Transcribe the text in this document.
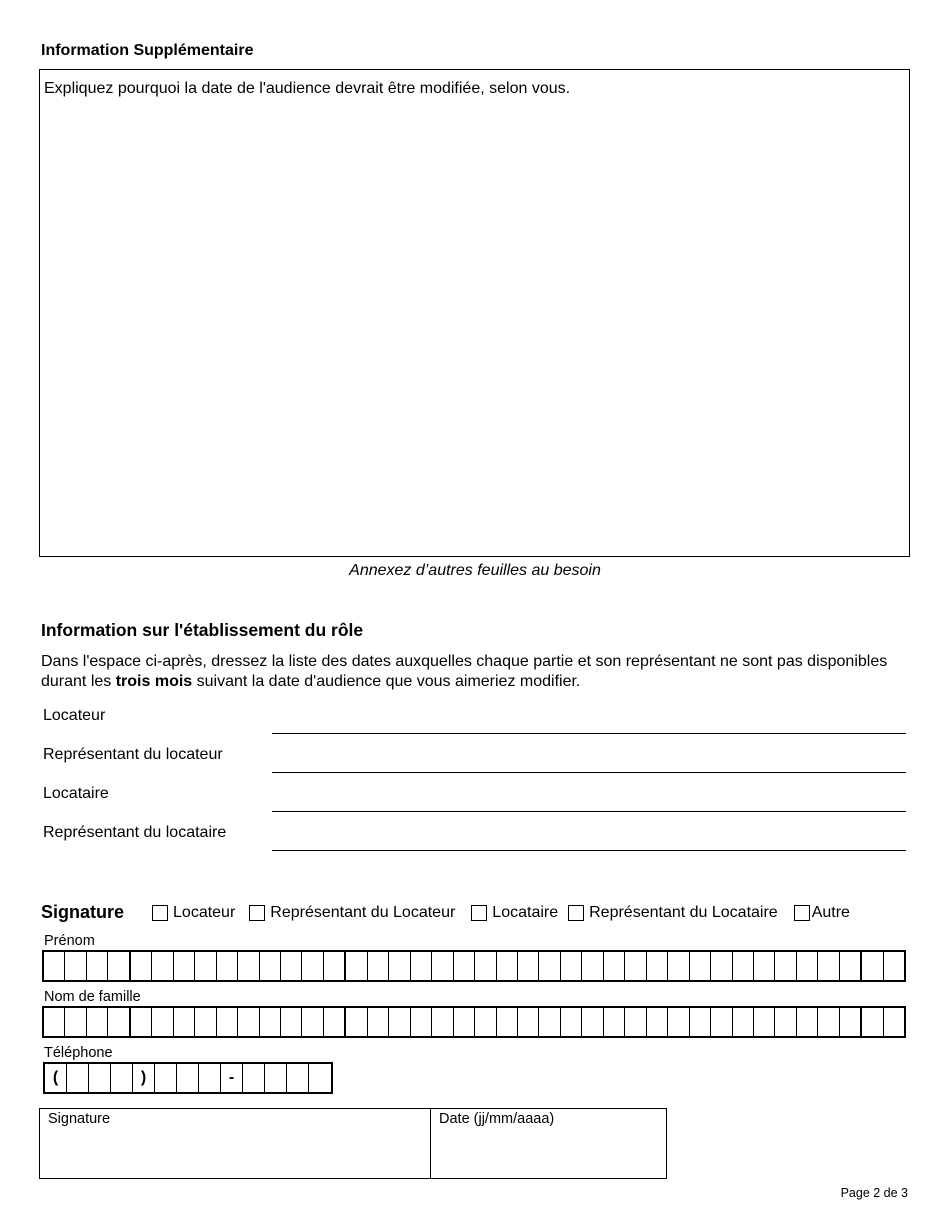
Information Supplémentaire
Expliquez pourquoi la date de l'audience devrait être modifiée, selon vous.
Annexez d’autres feuilles au besoin
Information sur l'établissement du rôle
Dans l'espace ci-après, dressez la liste des dates auxquelles chaque partie et son représentant ne sont pas disponibles durant les trois mois suivant la date d'audience que vous aimeriez modifier.
Locateur
Représentant du locateur
Locataire
Représentant du locataire
Signature	Locateur Représentant du Locateur Locataire Représentant du Locataire Autre
Prénom
Nom de famille
Téléphone
(	)	-
Signature	Date (jj/mm/aaaa)
Page 2 de 3
